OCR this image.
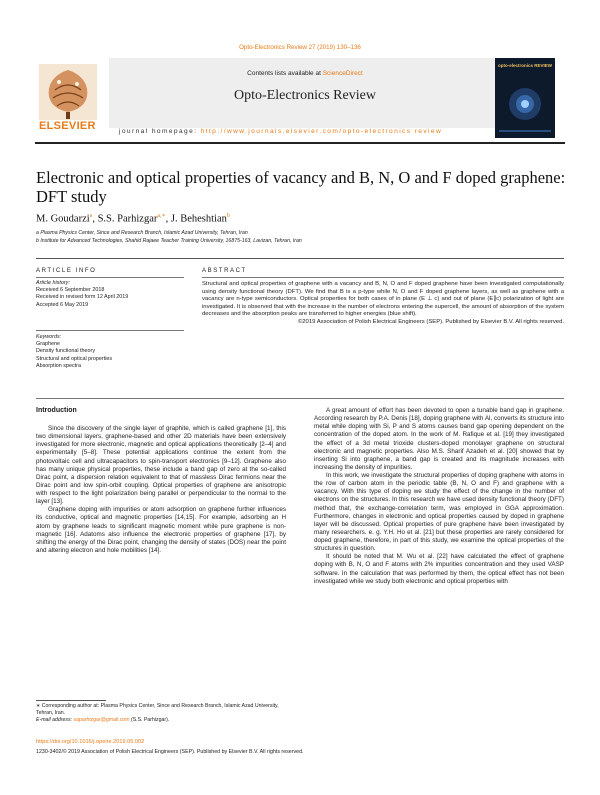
Opto-Electronics Review 27 (2019) 130–136
ELSEVIER
Contents lists available at ScienceDirect
Opto-Electronics Review
journal homepage: http://www.journals.elsevier.com/opto-electronics review
opto-electronics REVIEW
Electronic and optical properties of vacancy and B, N, O and F doped graphene: DFT study
M. Goudarzi$^a$, S.S. Parhizgar$^{a,∗}$, J. Beheshtian$^b$
a Plasma Physics Center, Since and Research Branch, Islamic Azad University, Tehran, Iran
b Institute for Advanced Technologies, Shahid Rajaee Teacher Training University, 16875-163, Lavizan, Tehran, Iran
ARTICLE INFO
Article history:
Received 6 September 2018
Received in revised form 12 April 2019
Accepted 6 May 2019
Keywords:
Graphene
Density functional theory
Structural and optical properties
Absorption spectra
ABSTRACT
Structural and optical properties of graphene with a vacancy and B, N, O and F doped graphene have been investigated computationally using density functional theory (DFT). We find that B is a p-type while N, O and F doped graphene layers, as well as graphene with a vacancy are n-type semiconductors. Optical properties for both cases of in plane (E ⊥ c) and out of plane (E∥c) polarization of light are investigated. It is observed that with the increase in the number of electrons entering the supercell, the amount of absorption of the system decreases and the absorption peaks are transferred to higher energies (blue shift).
©2019 Association of Polish Electrical Engineers (SEP). Published by Elsevier B.V. All rights reserved.
Introduction

Since the discovery of the single layer of graphite, which is called graphene [1], this two dimensional layers, graphene-based and other 2D materials have been extensively investigated for more electronic, magnetic and optical applications theoretically [2–4] and experimentally [5–8]. These potential applications continue the extent from the photovoltaic cell and ultracapacitors to spin-transport electronics [9–12]. Graphene also has many unique physical properties, these include a band gap of zero at the so-called Dirac point, a dispersion relation equivalent to that of massless Dirac fermions near the Dirac point and low spin-orbit coupling. Optical properties of graphene are anisotropic with respect to the light polarization being parallel or perpendicular to the normal to the layer [13].

Graphene doping with impurities or atom adsorption on graphene further influences its conductive, optical and magnetic properties [14,15]. For example, adsorbing an H atom by graphene leads to significant magnetic moment while pure graphene is non-magnetic [16]. Adatoms also influence the electronic properties of graphene [17], by shifting the energy of the Dirac point, changing the density of states (DOS) near the point and altering electron and hole mobilities [14].

A great amount of effort has been devoted to open a tunable band gap in graphene. According research by P.A. Denis [18], doping graphene with Al, converts its structure into metal while doping with Si, P and S atoms causes band gap opening dependent on the concentration of the doped atom. In the work of M. Rafique et al. [19] they investigated the effect of a 3d metal trioxide clusters-doped monolayer graphene on structural electronic and magnetic properties. Also M.S. Sharif Azadeh et al. [20] showed that by inserting Si into graphene, a band gap is created and its magnitude increases with increasing the density of impurities.

In this work, we investigate the structural properties of doping graphene with atoms in the row of carbon atom in the periodic table (B, N, O and F) and graphene with a vacancy. With this type of doping we study the effect of the change in the number of electrons on the structures. In this research we have used density functional theory (DFT) method that, the exchange-correlation term, was employed in GGA approximation. Furthermore, changes in electronic and optical properties caused by doped in graphene layer will be discussed. Optical properties of pure graphene have been investigated by many researchers. e. g. Y.H. Ho et al. [21] but these properties are rarely considered for doped graphene, therefore, in part of this study, we examine the optical properties of the structures in question.

It should be noted that M. Wu et al. [22] have calculated the effect of graphene doping with B, N, O and F atoms with 2% impurities concentration and they used VASP software. In the calculation that was performed by them, the optical effect has not been investigated while we study both electronic and optical properties with

∗ Corresponding author at: Plasma Physics Center, Since and Research Branch, Islamic Azad University, Tehran, Iran.
E-mail address: saparhizgar@gmail.com (S.S. Parhizgar).
https://doi.org/10.1016/j.opelre.2019.05.002
1230-3402/© 2019 Association of Polish Electrical Engineers (SEP). Published by Elsevier B.V. All rights reserved.
